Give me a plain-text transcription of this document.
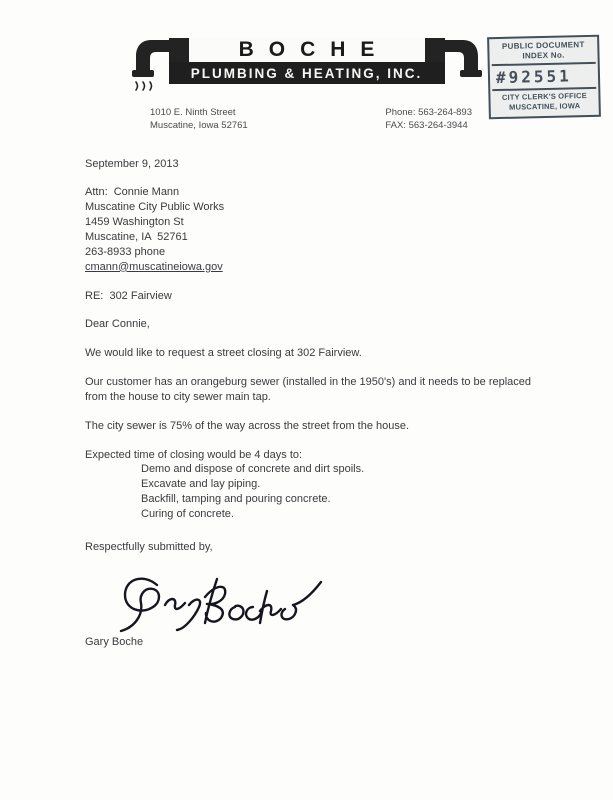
BOCHE
PLUMBING & HEATING, INC.
1010 E. Ninth Street
Muscatine, Iowa 52761
Phone: 563-264-893
FAX: 563-264-3944
PUBLIC DOCUMENT
INDEX No.
#92551
CITY CLERK'S OFFICE
MUSCATINE, IOWA

September 9, 2013

Attn:  Connie Mann
Muscatine City Public Works
1459 Washington St
Muscatine, IA  52761
263-8933 phone
cmann@muscatineiowa.gov

RE:  302 Fairview

Dear Connie,

We would like to request a street closing at 302 Fairview.

Our customer has an orangeburg sewer (installed in the 1950's) and it needs to be replaced from the house to city sewer main tap.

The city sewer is 75% of the way across the street from the house.

Expected time of closing would be 4 days to:

Demo and dispose of concrete and dirt spoils.
Excavate and lay piping.
Backfill, tamping and pouring concrete.
Curing of concrete.

Respectfully submitted by,

Gary Boche
